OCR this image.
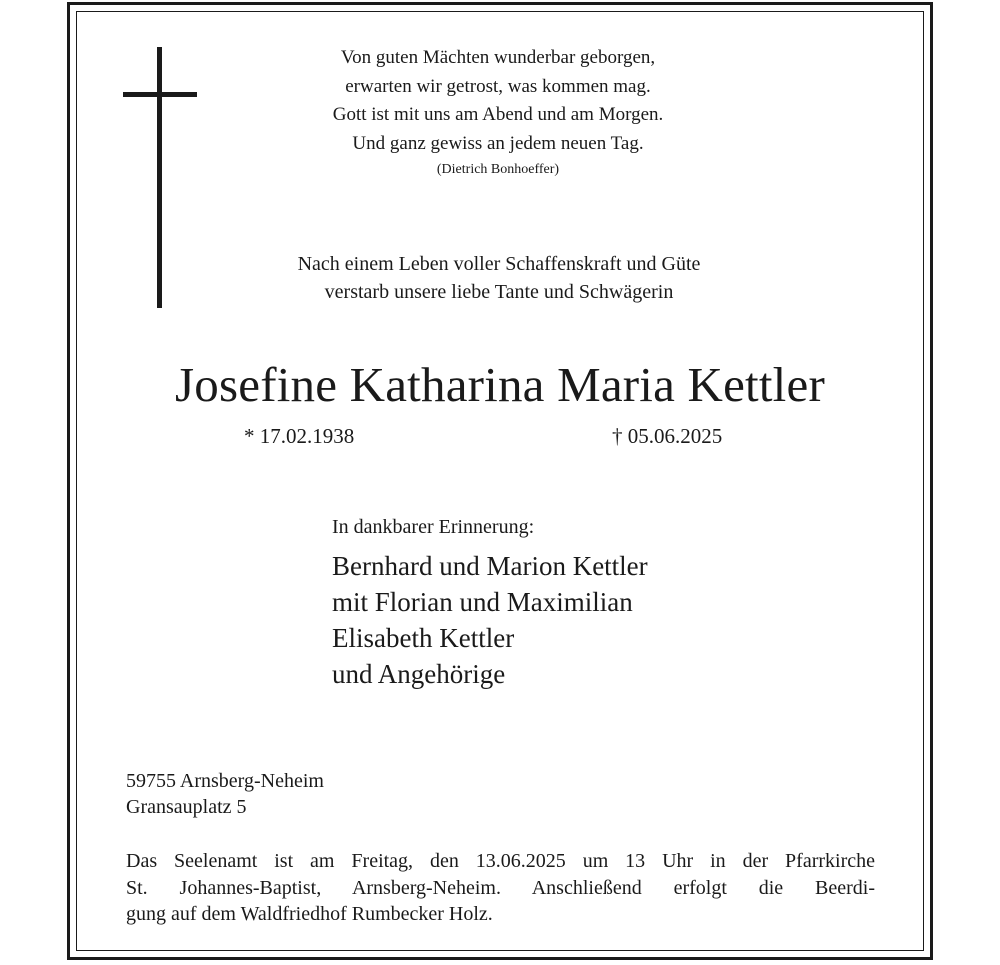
Von guten Mächten wunderbar geborgen,
erwarten wir getrost, was kommen mag.
Gott ist mit uns am Abend und am Morgen.
Und ganz gewiss an jedem neuen Tag.
(Dietrich Bonhoeffer)
Nach einem Leben voller Schaffenskraft und Güte
verstarb unsere liebe Tante und Schwägerin
Josefine Katharina Maria Kettler
* 17.02.1938	† 05.06.2025
In dankbarer Erinnerung:
Bernhard und Marion Kettler
mit Florian und Maximilian
Elisabeth Kettler
und Angehörige
59755 Arnsberg-Neheim
Gransauplatz 5
Das Seelenamt ist am Freitag, den 13.06.2025 um 13 Uhr in der Pfarrkirche
St. Johannes-Baptist, Arnsberg-Neheim. Anschließend erfolgt die Beerdi-
gung auf dem Waldfriedhof Rumbecker Holz.
